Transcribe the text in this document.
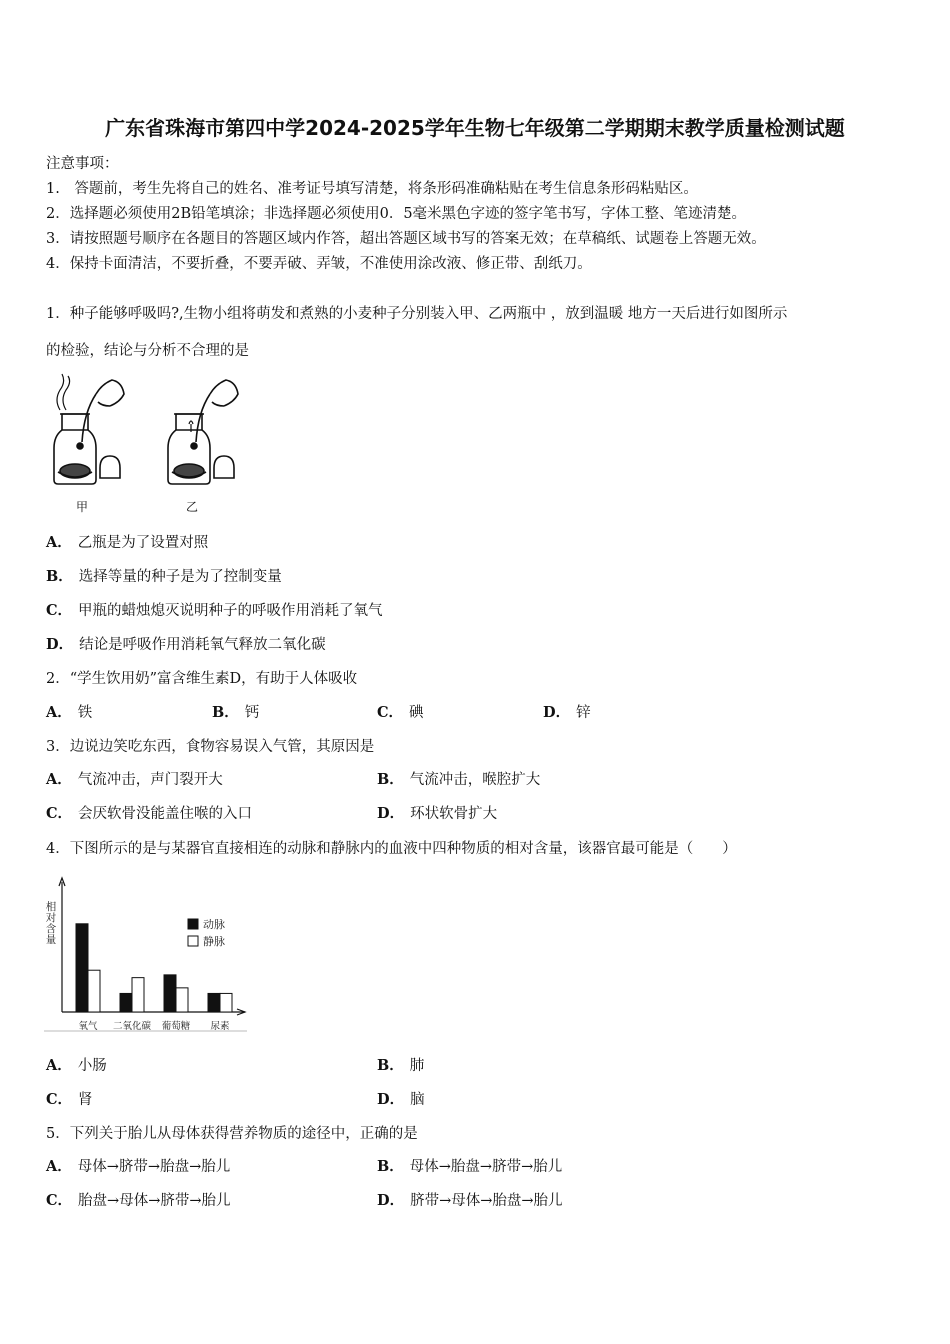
广东省珠海市第四中学2024-2025学年生物七年级第二学期期末教学质量检测试题
注意事项：
1.　答题前，考生先将自己的姓名、准考证号填写清楚，将条形码准确粘贴在考生信息条形码粘贴区。
2．选择题必须使用2B铅笔填涂；非选择题必须使用0．5毫米黑色字迹的签字笔书写，字体工整、笔迹清楚。
3．请按照题号顺序在各题目的答题区域内作答，超出答题区域书写的答案无效；在草稿纸、试题卷上答题无效。
4．保持卡面清洁，不要折叠，不要弄破、弄皱，不准使用涂改液、修正带、刮纸刀。
1．种子能够呼吸吗?,生物小组将萌发和煮熟的小麦种子分别装入甲、乙两瓶中 ，放到温暖 地方一天后进行如图所示
的检验，结论与分析不合理的是
甲	乙
A． 乙瓶是为了设置对照
B． 选择等量的种子是为了控制变量
C． 甲瓶的蜡烛熄灭说明种子的呼吸作用消耗了氧气
D． 结论是呼吸作用消耗氧气释放二氧化碳
2．“学生饮用奶”富含维生素D，有助于人体吸收
A． 铁	B． 钙	C． 碘	D． 锌
3．边说边笑吃东西，食物容易误入气管，其原因是
A． 气流冲击，声门裂开大	B． 气流冲击，喉腔扩大
C． 会厌软骨没能盖住喉的入口	D． 环状软骨扩大
4．下图所示的是与某器官直接相连的动脉和静脉内的血液中四种物质的相对含量，该器官最可能是（　　）
相
对
含
量
氧气 二氧化碳 葡萄糖 尿素
动脉
静脉
A． 小肠	B． 肺
C． 肾	D． 脑
5．下列关于胎儿从母体获得营养物质的途径中，正确的是
A． 母体→脐带→胎盘→胎儿	B． 母体→胎盘→脐带→胎儿
C． 胎盘→母体→脐带→胎儿	D． 脐带→母体→胎盘→胎儿
